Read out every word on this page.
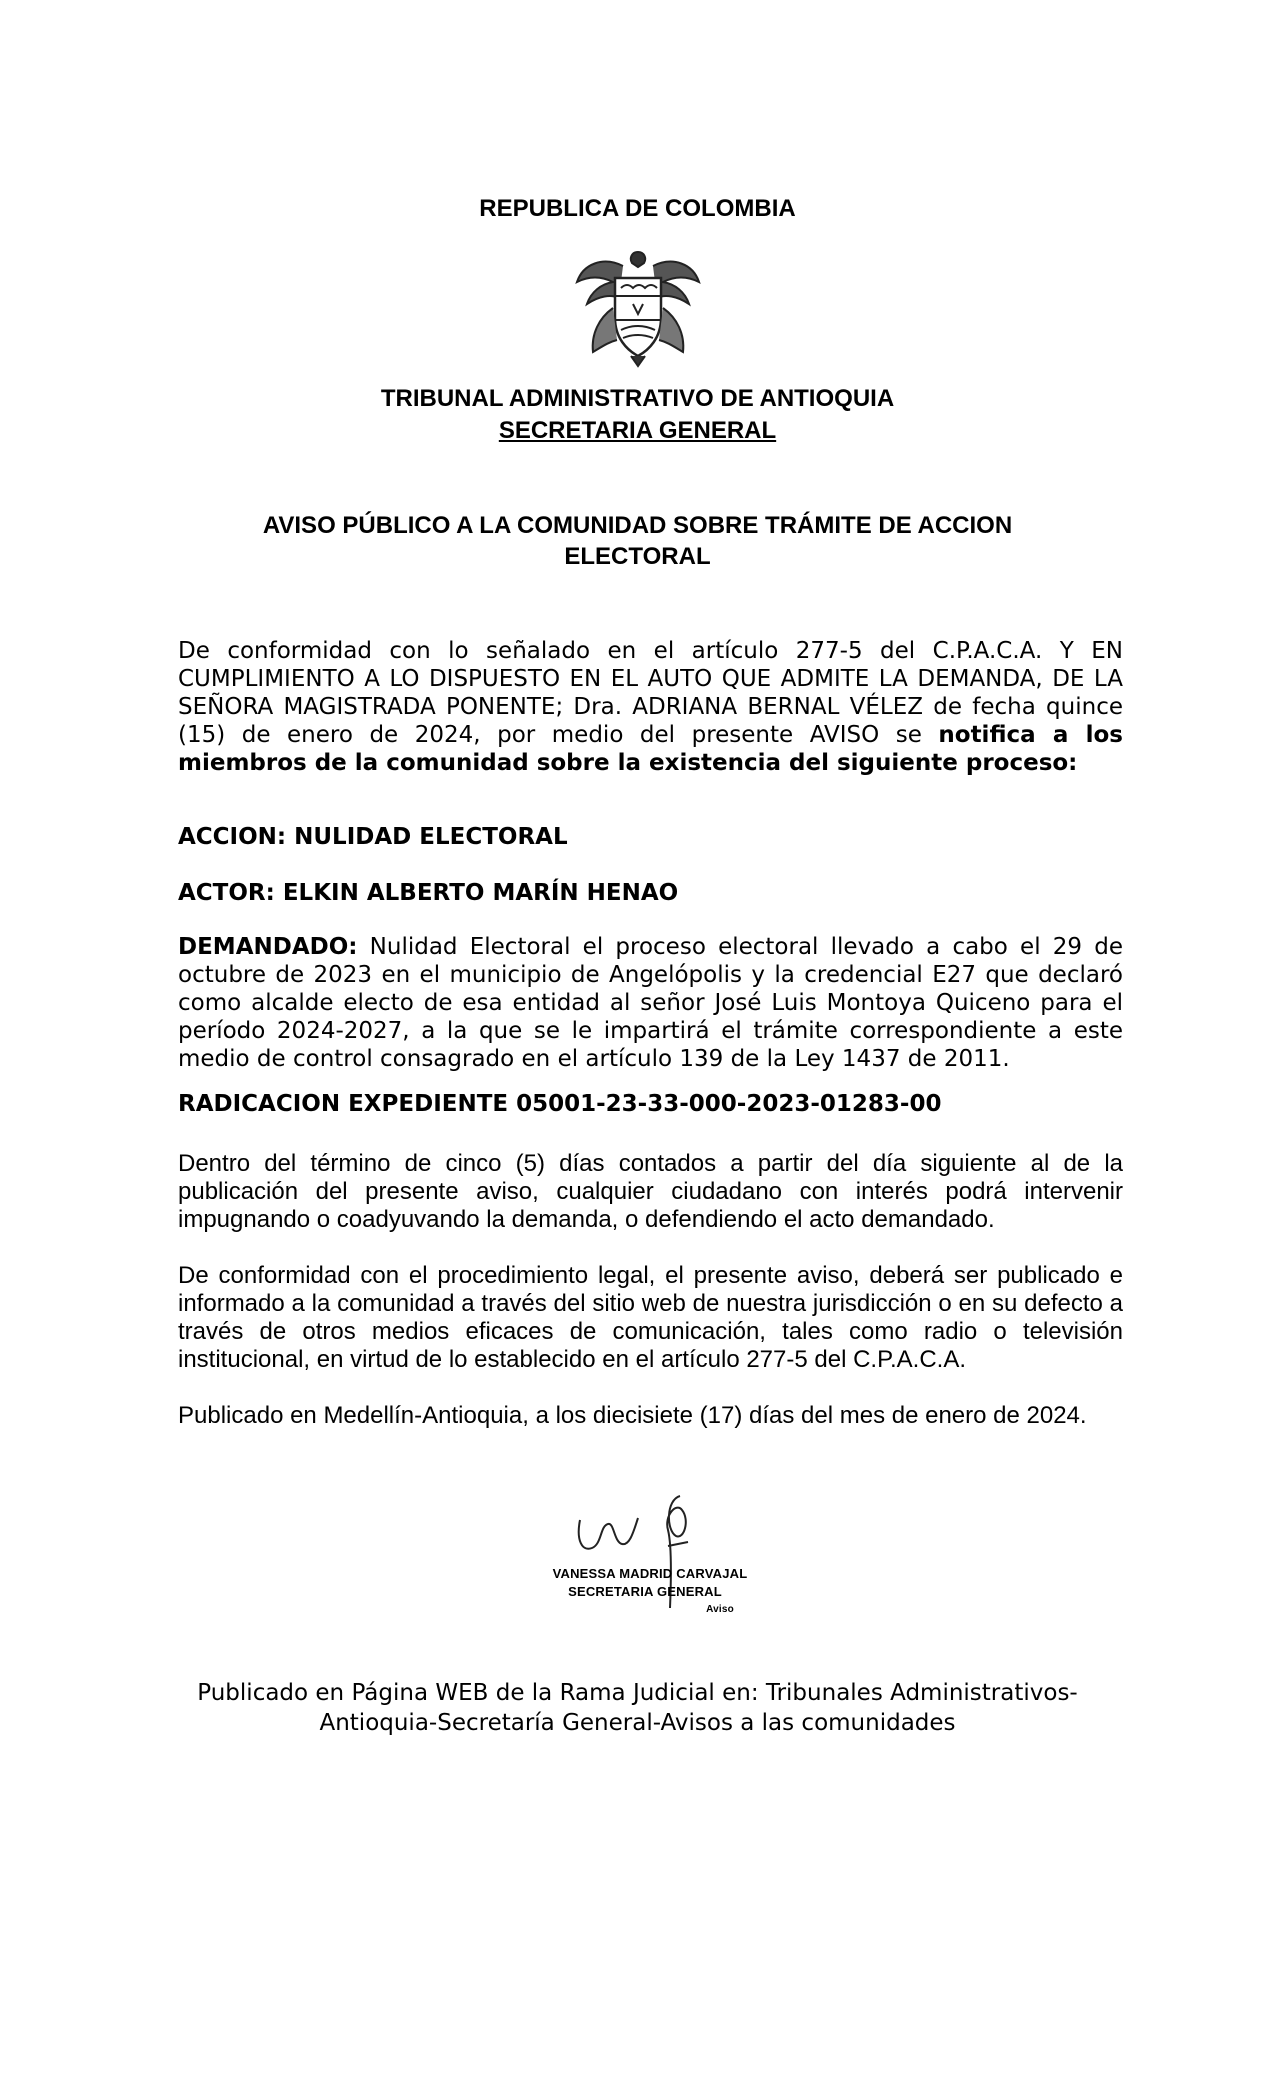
REPUBLICA DE COLOMBIA
TRIBUNAL ADMINISTRATIVO DE ANTIOQUIA
SECRETARIA GENERAL
AVISO PÚBLICO A LA COMUNIDAD SOBRE TRÁMITE DE ACCION
ELECTORAL
De conformidad con lo señalado en el artículo 277-5 del C.P.A.C.A. Y EN CUMPLIMIENTO A LO DISPUESTO EN EL AUTO QUE ADMITE LA DEMANDA, DE LA SEÑORA MAGISTRADA PONENTE; Dra. ADRIANA BERNAL VÉLEZ de fecha quince (15) de enero de 2024, por medio del presente AVISO se notifica a los miembros de la comunidad sobre la existencia del siguiente proceso:
ACCION: NULIDAD ELECTORAL
ACTOR: ELKIN ALBERTO MARÍN HENAO
DEMANDADO: Nulidad Electoral el proceso electoral llevado a cabo el 29 de octubre de 2023 en el municipio de Angelópolis y la credencial E27 que declaró como alcalde electo de esa entidad al señor José Luis Montoya Quiceno para el período 2024-2027, a la que se le impartirá el trámite correspondiente a este medio de control consagrado en el artículo 139 de la Ley 1437 de 2011.
RADICACION EXPEDIENTE 05001-23-33-000-2023-01283-00
Dentro del término de cinco (5) días contados a partir del día siguiente al de la publicación del presente aviso, cualquier ciudadano con interés podrá intervenir impugnando o coadyuvando la demanda, o defendiendo el acto demandado.
De conformidad con el procedimiento legal, el presente aviso, deberá ser publicado e informado a la comunidad a través del sitio web de nuestra jurisdicción o en su defecto a través de otros medios eficaces de comunicación, tales como radio o televisión institucional, en virtud de lo establecido en el artículo 277-5 del C.P.A.C.A.
Publicado en Medellín-Antioquia, a los diecisiete (17) días del mes de enero de 2024.
VANESSA MADRID CARVAJAL
SECRETARIA GENERAL
Aviso
Publicado en Página WEB de la Rama Judicial en: Tribunales Administrativos-
Antioquia-Secretaría General-Avisos a las comunidades
